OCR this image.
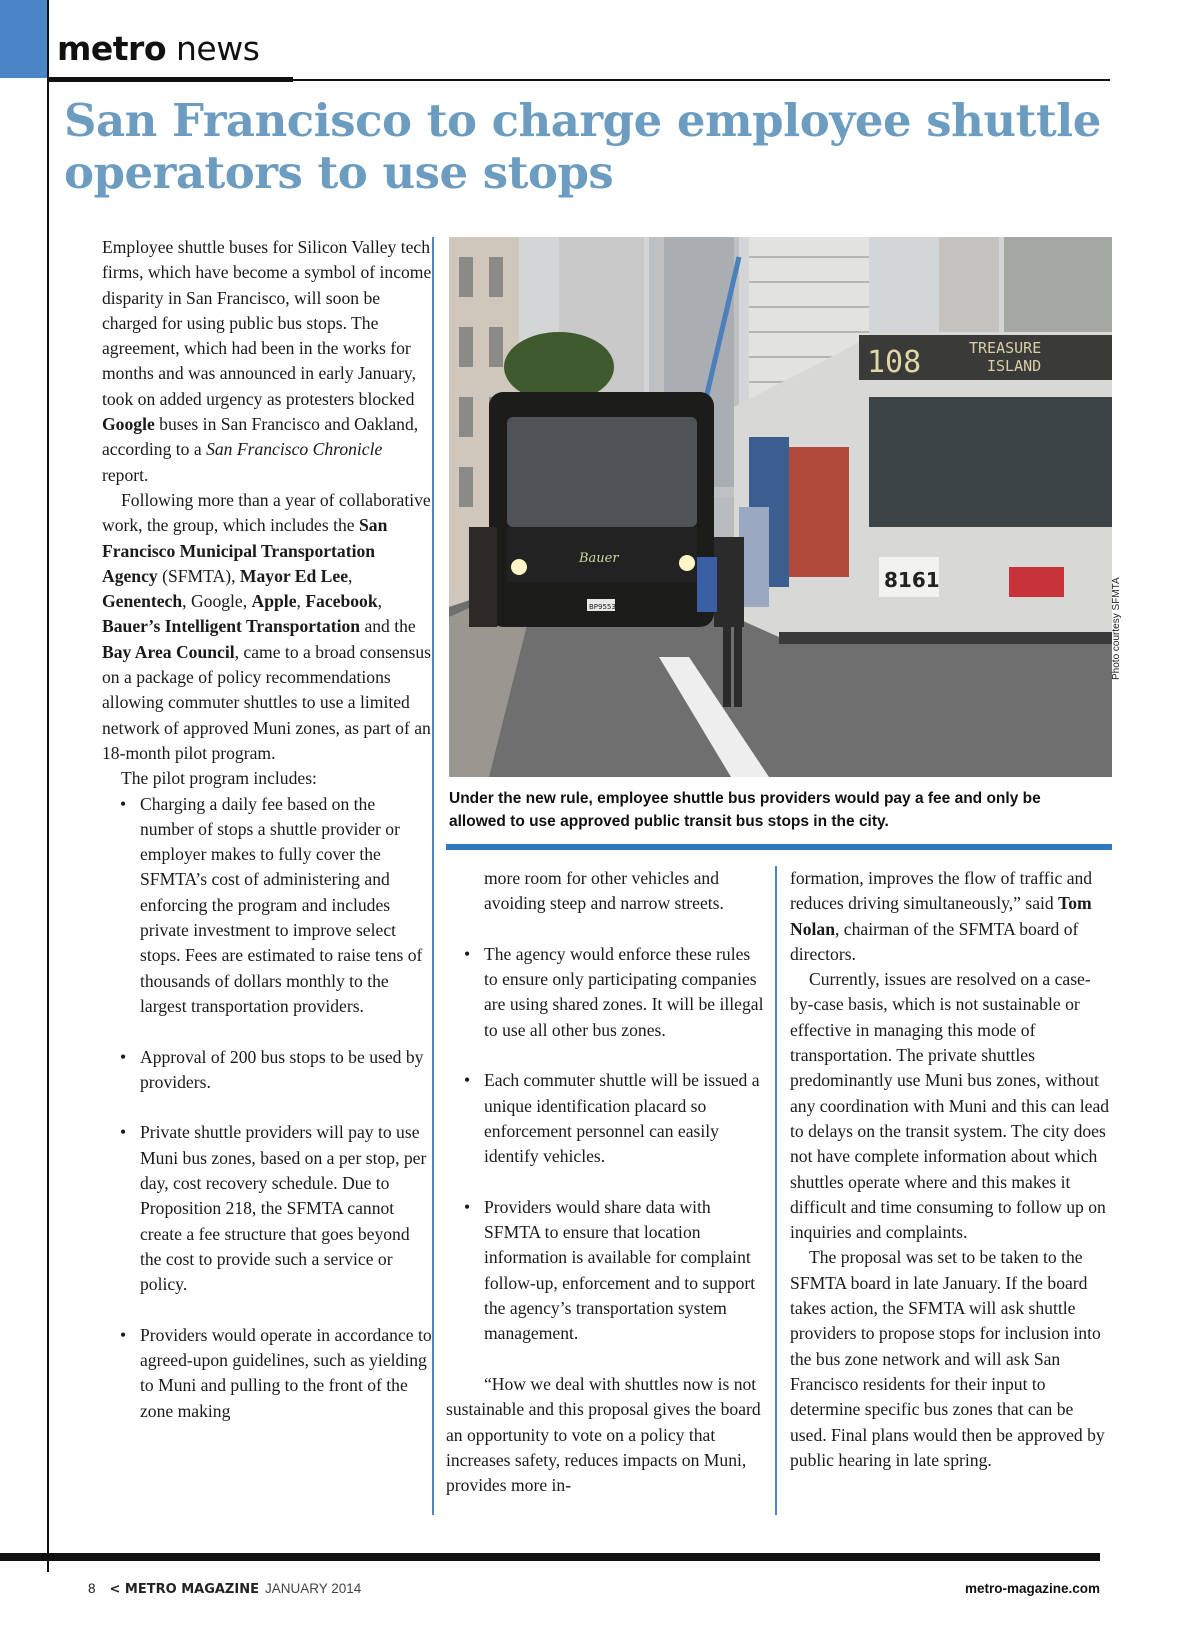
metro news
San Francisco to charge employee shuttle operators to use stops

Employee shuttle buses for Silicon Valley tech firms, which have become a symbol of income disparity in San Francisco, will soon be charged for using public bus stops. The agreement, which had been in the works for months and was announced in early January, took on added urgency as protesters blocked Google buses in San Francisco and Oakland, according to a San Francisco Chronicle report.

Following more than a year of collaborative work, the group, which includes the San Francisco Municipal Transportation Agency (SFMTA), Mayor Ed Lee, Genentech, Google, Apple, Facebook, Bauer’s Intelligent Transportation and the Bay Area Council, came to a broad consensus on a package of policy recommendations allowing commuter shuttles to use a limited network of approved Muni zones, as part of an 18-month pilot program.

The pilot program includes:

• Charging a daily fee based on the number of stops a shuttle provider or employer makes to fully cover the SFMTA’s cost of administering and enforcing the program and includes private investment to improve select stops. Fees are estimated to raise tens of thousands of dollars monthly to the largest transportation providers.

• Approval of 200 bus stops to be used by providers.

• Private shuttle providers will pay to use Muni bus zones, based on a per stop, per day, cost recovery schedule. Due to Proposition 218, the SFMTA cannot create a fee structure that goes beyond the cost to provide such a service or policy.

• Providers would operate in accordance to agreed-upon guidelines, such as yielding to Muni and pulling to the front of the zone making

Bauer
BP9553
108	TREASURE
ISLAND
8161	Photo courtesy SFMTA
Under the new rule, employee shuttle bus providers would pay a fee and only be allowed to use approved public transit bus stops in the city.

more room for other vehicles and avoiding steep and narrow streets.

• The agency would enforce these rules to ensure only participating companies are using shared zones. It will be illegal to use all other bus zones.

• Each commuter shuttle will be issued a unique identification placard so enforcement personnel can easily identify vehicles.

• Providers would share data with SFMTA to ensure that location information is available for complaint follow-up, enforcement and to support the agency’s transportation system management.

“How we deal with shuttles now is not sustainable and this proposal gives the board an opportunity to vote on a policy that increases safety, reduces impacts on Muni, provides more in-

formation, improves the flow of traffic and reduces driving simultaneously,” said Tom Nolan, chairman of the SFMTA board of directors.

Currently, issues are resolved on a case-by-case basis, which is not sustainable or effective in managing this mode of transportation. The private shuttles predominantly use Muni bus zones, without any coordination with Muni and this can lead to delays on the transit system. The city does not have complete information about which shuttles operate where and this makes it difficult and time consuming to follow up on inquiries and complaints.

The proposal was set to be taken to the SFMTA board in late January. If the board takes action, the SFMTA will ask shuttle providers to propose stops for inclusion into the bus zone network and will ask San Francisco residents for their input to determine specific bus zones that can be used. Final plans would then be approved by public hearing in late spring.

8 < METRO MAGAZINE JANUARY 2014	metro-magazine.com
